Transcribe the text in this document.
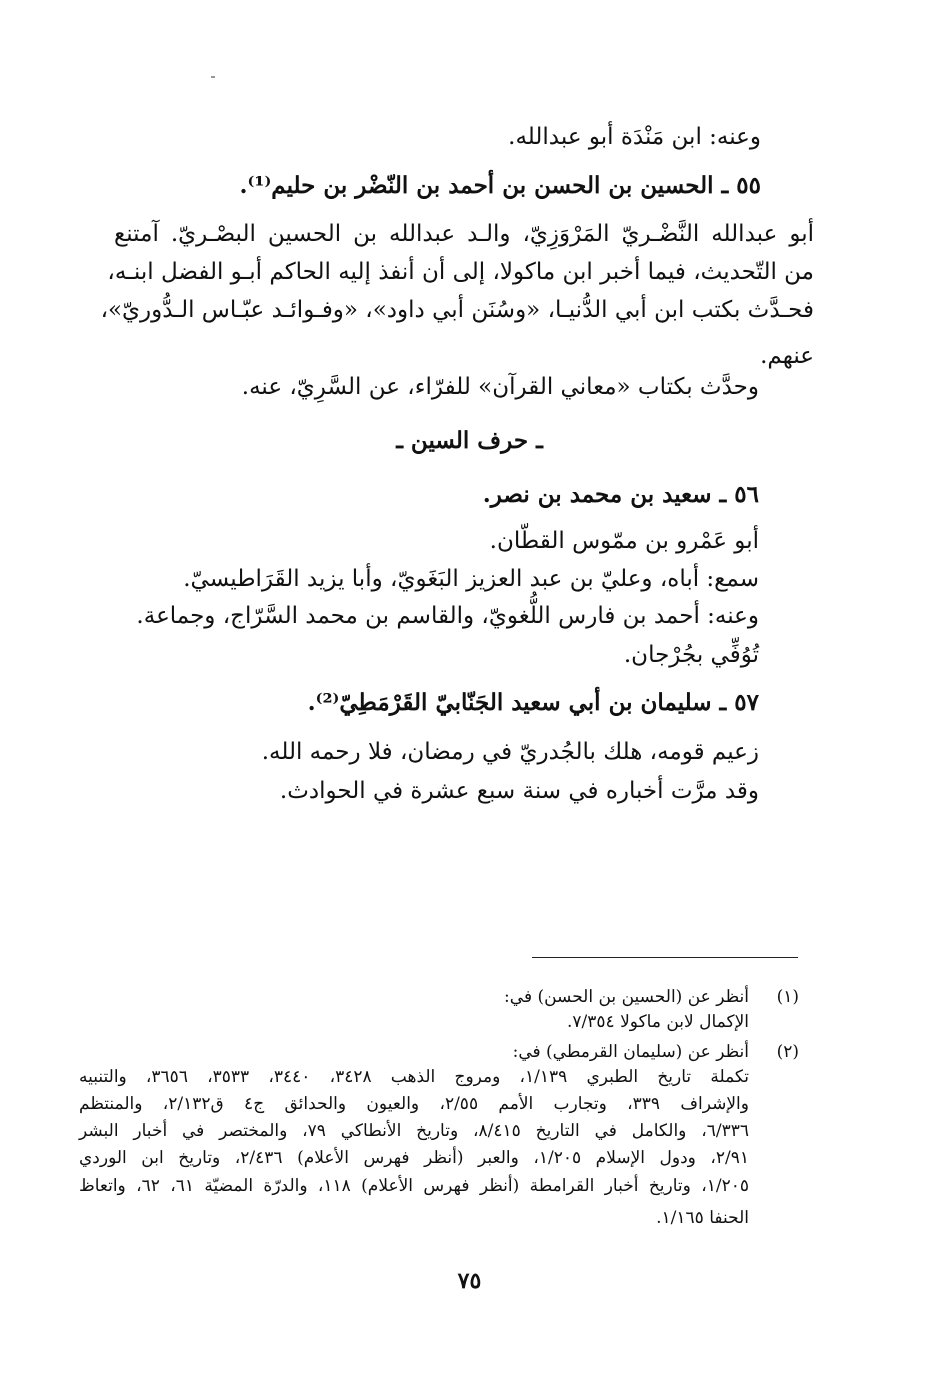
وعنه: ابن مَنْدَة أبو عبدالله.
٥٥ ـ الحسين بن الحسن بن أحمد بن النّضْر بن حليم⁽¹⁾.
أبو عبدالله النَّضْـريّ المَرْوَزِيّ، والـد عبدالله بن الحسين البصْـريّ. آمتنع
من التّحديث، فيما أخبر ابن ماكولا، إلى أن أنفذ إليه الحاكم أبـو الفضل ابنـه،
فحـدَّث بكتب ابن أبي الدُّنيـا، «وسُنَن أبي داود»، «وفـوائـد عبّـاس الـدُّوريّ»،
عنهم.
وحدَّث بكتاب «معاني القرآن» للفرّاء، عن السَّرِيّ، عنه.
ـ حرف السين ـ
٥٦ ـ سعيد بن محمد بن نصر.
أبو عَمْرو بن ممّوس القطّان.
سمع: أباه، وعليّ بن عبد العزيز البَغَويّ، وأبا يزيد القَرَاطيسيّ.
وعنه: أحمد بن فارس اللُّغويّ، والقاسم بن محمد السَّرّاج، وجماعة.
تُوُفِّي بجُرْجان.
٥٧ ـ سليمان بن أبي سعيد الجَنّابيّ القَرْمَطِيّ⁽²⁾.
زعيم قومه، هلك بالجُدريّ في رمضان، فلا رحمه الله.
وقد مرَّت أخباره في سنة سبع عشرة في الحوادث.
(١)
أنظر عن (الحسين بن الحسن) في:
الإكمال لابن ماكولا ٧/٣٥٤.
(٢)
أنظر عن (سليمان القرمطي) في:
تكملة تاريخ الطبري ١/١٣٩، ومروج الذهب ٣٤٢٨، ٣٤٤٠، ٣٥٣٣، ٣٦٥٦، والتنبيه
والإشراف ٣٣٩، وتجارب الأمم ٢/٥٥، والعيون والحدائق ج٤ ق٢/١٣٢، والمنتظم
٦/٣٣٦، والكامل في التاريخ ٨/٤١٥، وتاريخ الأنطاكي ٧٩، والمختصر في أخبار البشر
٢/٩١، ودول الإسلام ١/٢٠٥، والعبر (أنظر فهرس الأعلام) ٢/٤٣٦، وتاريخ ابن الوردي
١/٢٠٥، وتاريخ أخبار القرامطة (أنظر فهرس الأعلام) ١١٨، والدرّة المضيّة ٦١، ٦٢، واتعاظ
الحنفا ١/١٦٥.
٧٥
